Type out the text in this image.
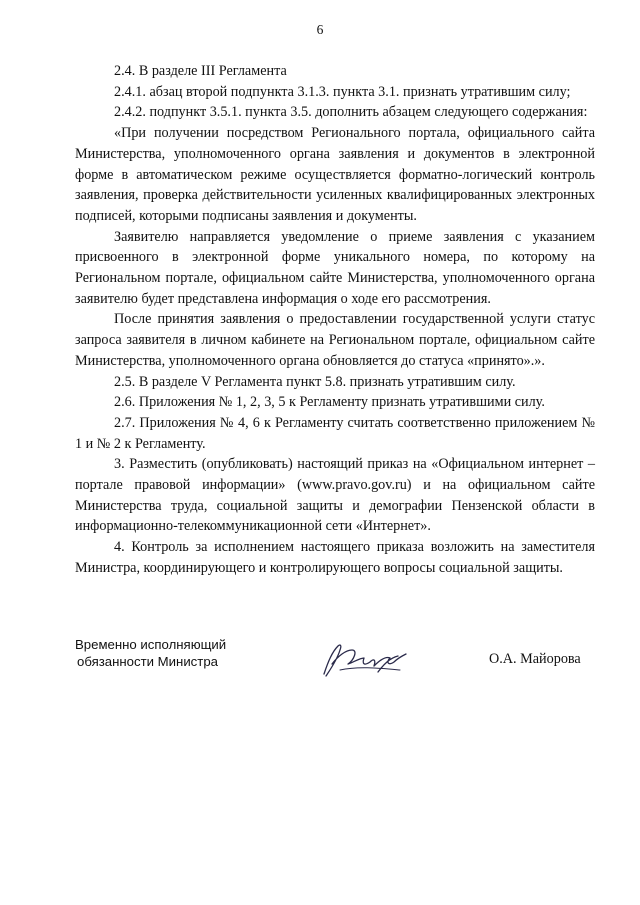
6

2.4. В разделе III Регламента

2.4.1. абзац второй подпункта 3.1.3. пункта 3.1. признать утратившим силу;

2.4.2. подпункт 3.5.1. пункта 3.5. дополнить абзацем следующего содержания:

«При получении посредством Регионального портала, официального сайта Министерства, уполномоченного органа заявления и документов в электронной форме в автоматическом режиме осуществляется форматно-логический контроль заявления, проверка действительности усиленных квалифицированных электронных подписей, которыми подписаны заявления и документы.

Заявителю направляется уведомление о приеме заявления с указанием присвоенного в электронной форме уникального номера, по которому на Региональном портале, официальном сайте Министерства, уполномоченного органа заявителю будет представлена информация о ходе его рассмотрения.

После принятия заявления о предоставлении государственной услуги статус запроса заявителя в личном кабинете на Региональном портале, официальном сайте Министерства, уполномоченного органа обновляется до статуса «принято».».

2.5. В разделе V Регламента пункт 5.8. признать утратившим силу.

2.6. Приложения № 1, 2, 3, 5 к Регламенту признать утратившими силу.

2.7. Приложения № 4, 6 к Регламенту считать соответственно приложением № 1 и № 2 к Регламенту.

3. Разместить (опубликовать) настоящий приказ на «Официальном интернет – портале правовой информации» (www.pravo.gov.ru) и на официальном сайте Министерства труда, социальной защиты и демографии Пензенской области в информационно-телекоммуникационной сети «Интернет».

4. Контроль за исполнением настоящего приказа возложить на заместителя Министра, координирующего и контролирующего вопросы социальной защиты.

Временно исполняющий
обязанности Министра	О.А. Майорова
